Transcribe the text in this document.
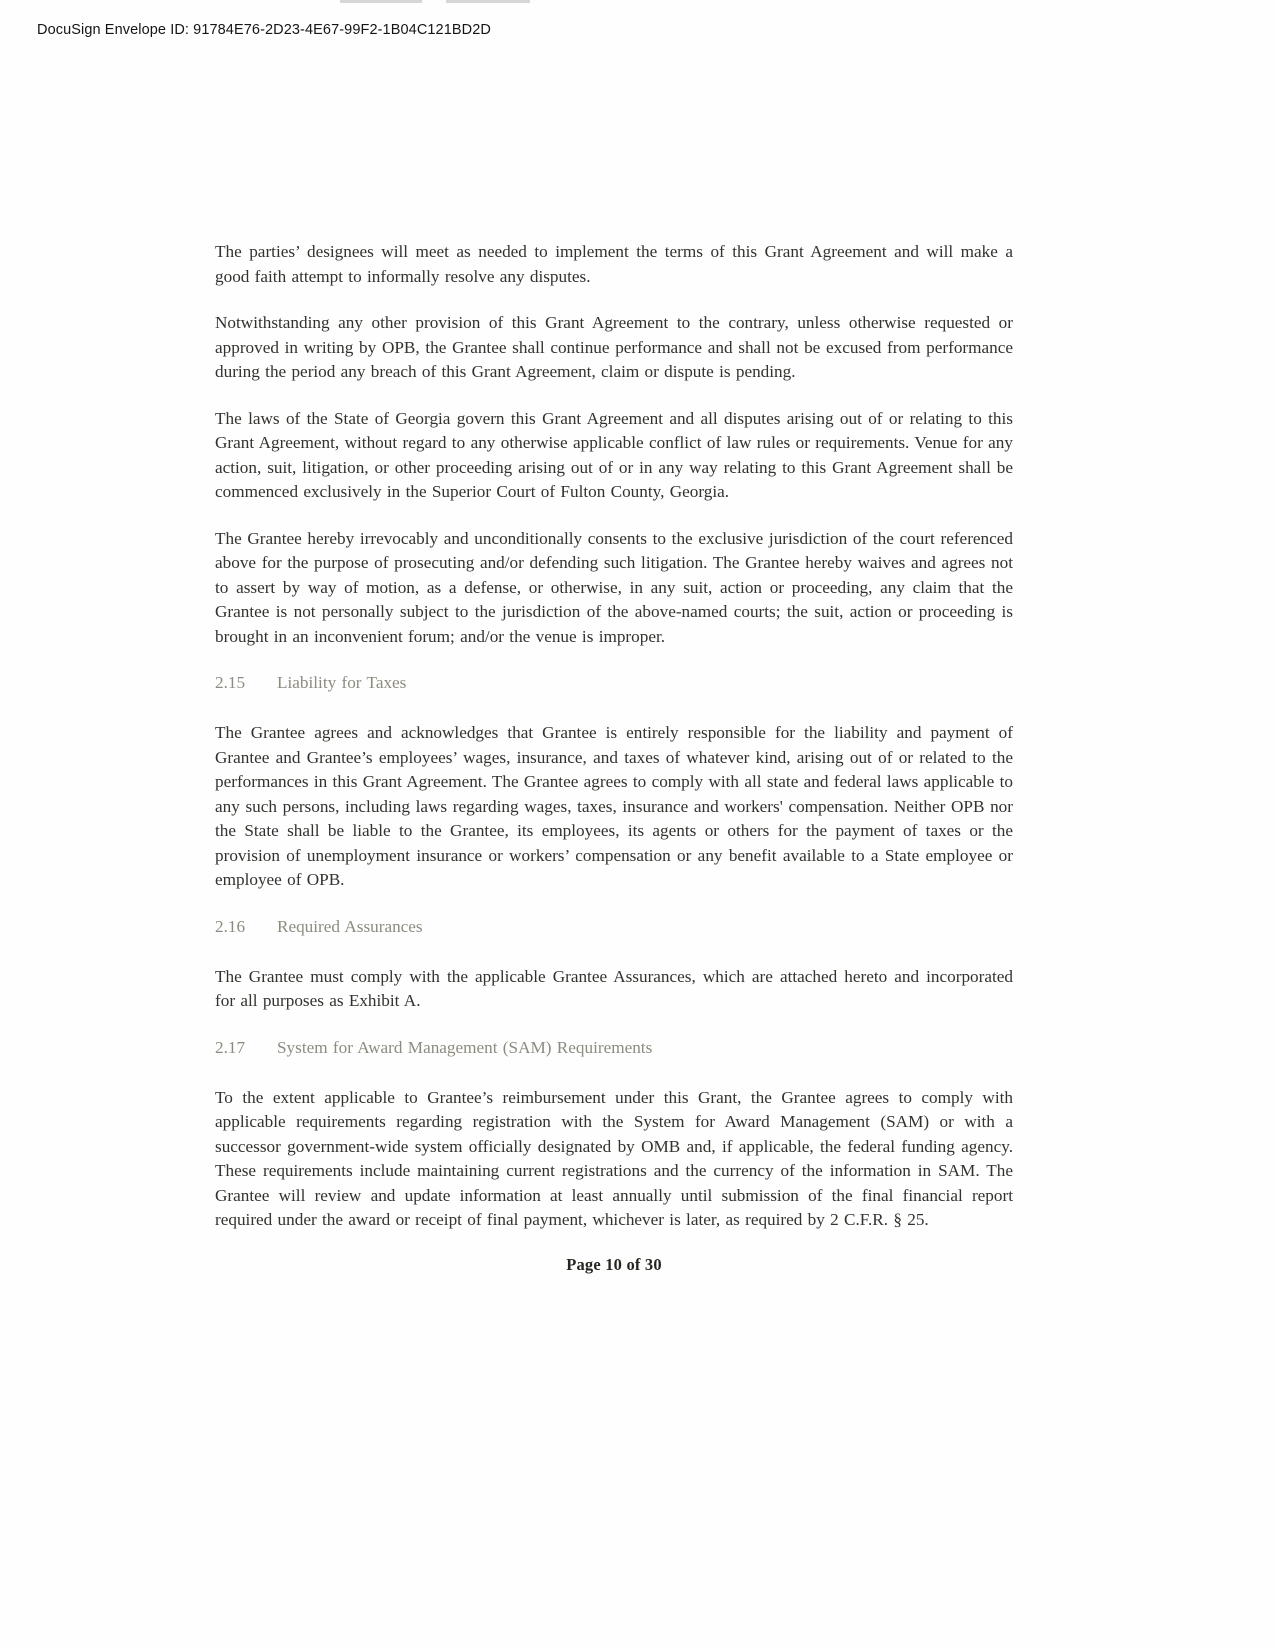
DocuSign Envelope ID: 91784E76-2D23-4E67-99F2-1B04C121BD2D

The parties’ designees will meet as needed to implement the terms of this Grant Agreement and will make a good faith attempt to informally resolve any disputes.

Notwithstanding any other provision of this Grant Agreement to the contrary, unless otherwise requested or approved in writing by OPB, the Grantee shall continue performance and shall not be excused from performance during the period any breach of this Grant Agreement, claim or dispute is pending.

The laws of the State of Georgia govern this Grant Agreement and all disputes arising out of or relating to this Grant Agreement, without regard to any otherwise applicable conflict of law rules or requirements. Venue for any action, suit, litigation, or other proceeding arising out of or in any way relating to this Grant Agreement shall be commenced exclusively in the Superior Court of Fulton County, Georgia.

The Grantee hereby irrevocably and unconditionally consents to the exclusive jurisdiction of the court referenced above for the purpose of prosecuting and/or defending such litigation. The Grantee hereby waives and agrees not to assert by way of motion, as a defense, or otherwise, in any suit, action or proceeding, any claim that the Grantee is not personally subject to the jurisdiction of the above-named courts; the suit, action or proceeding is brought in an inconvenient forum; and/or the venue is improper.

2.15 Liability for Taxes

The Grantee agrees and acknowledges that Grantee is entirely responsible for the liability and payment of Grantee and Grantee’s employees’ wages, insurance, and taxes of whatever kind, arising out of or related to the performances in this Grant Agreement. The Grantee agrees to comply with all state and federal laws applicable to any such persons, including laws regarding wages, taxes, insurance and workers' compensation. Neither OPB nor the State shall be liable to the Grantee, its employees, its agents or others for the payment of taxes or the provision of unemployment insurance or workers’ compensation or any benefit available to a State employee or employee of OPB.

2.16 Required Assurances

The Grantee must comply with the applicable Grantee Assurances, which are attached hereto and incorporated for all purposes as Exhibit A.

2.17 System for Award Management (SAM) Requirements

To the extent applicable to Grantee’s reimbursement under this Grant, the Grantee agrees to comply with applicable requirements regarding registration with the System for Award Management (SAM) or with a successor government-wide system officially designated by OMB and, if applicable, the federal funding agency. These requirements include maintaining current registrations and the currency of the information in SAM. The Grantee will review and update information at least annually until submission of the final financial report required under the award or receipt of final payment, whichever is later, as required by 2 C.F.R. § 25.

Page 10 of 30
